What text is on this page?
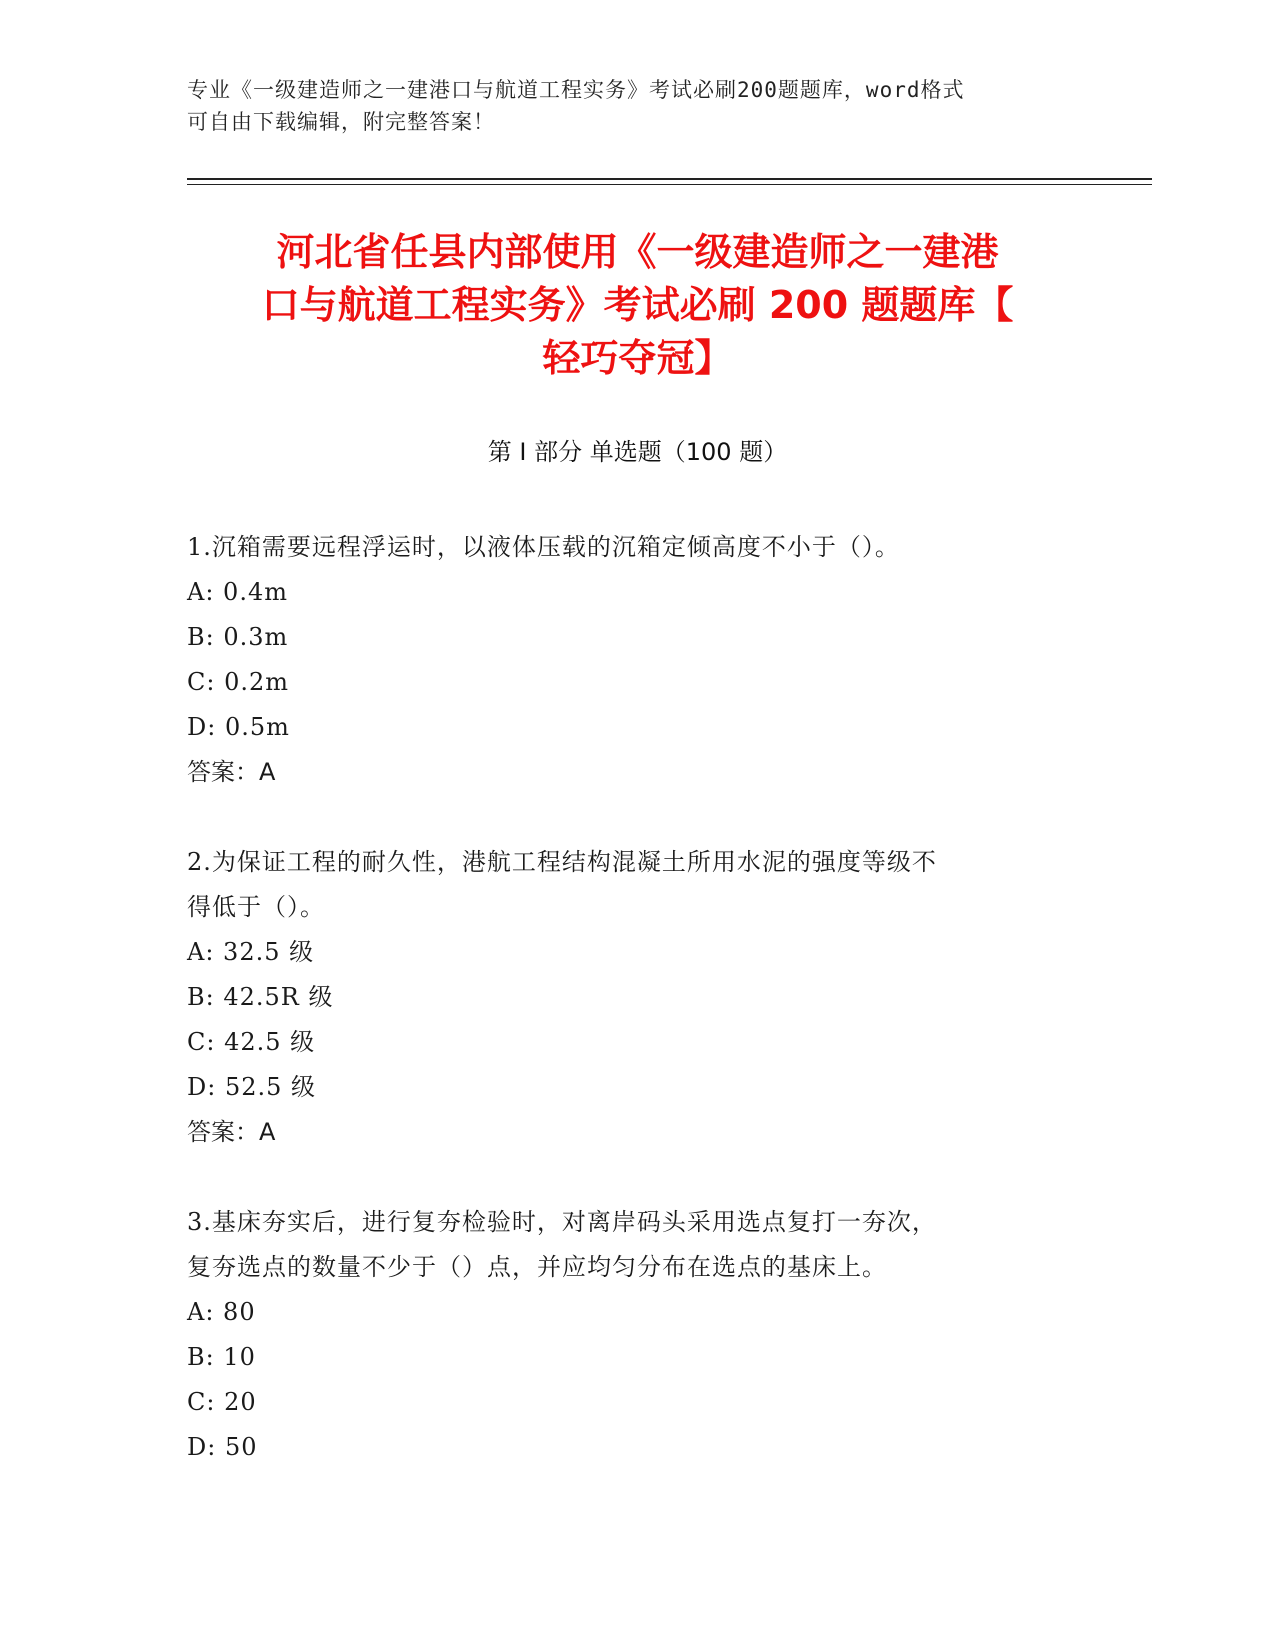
专业《一级建造师之一建港口与航道工程实务》考试必刷200题题库，word格式
可自由下载编辑，附完整答案！
河北省任县内部使用《一级建造师之一建港
口与航道工程实务》考试必刷 200 题题库【
轻巧夺冠】
第 I 部分 单选题（100 题）
1.沉箱需要远程浮运时，以液体压载的沉箱定倾高度不小于（）。
A: 0.4m
B: 0.3m
C: 0.2m
D: 0.5m
答案：A
2.为保证工程的耐久性，港航工程结构混凝土所用水泥的强度等级不
得低于（）。
A: 32.5 级
B: 42.5R 级
C: 42.5 级
D: 52.5 级
答案：A
3.基床夯实后，进行复夯检验时，对离岸码头采用选点复打一夯次，
复夯选点的数量不少于（）点，并应均匀分布在选点的基床上。
A: 80
B: 10
C: 20
D: 50
